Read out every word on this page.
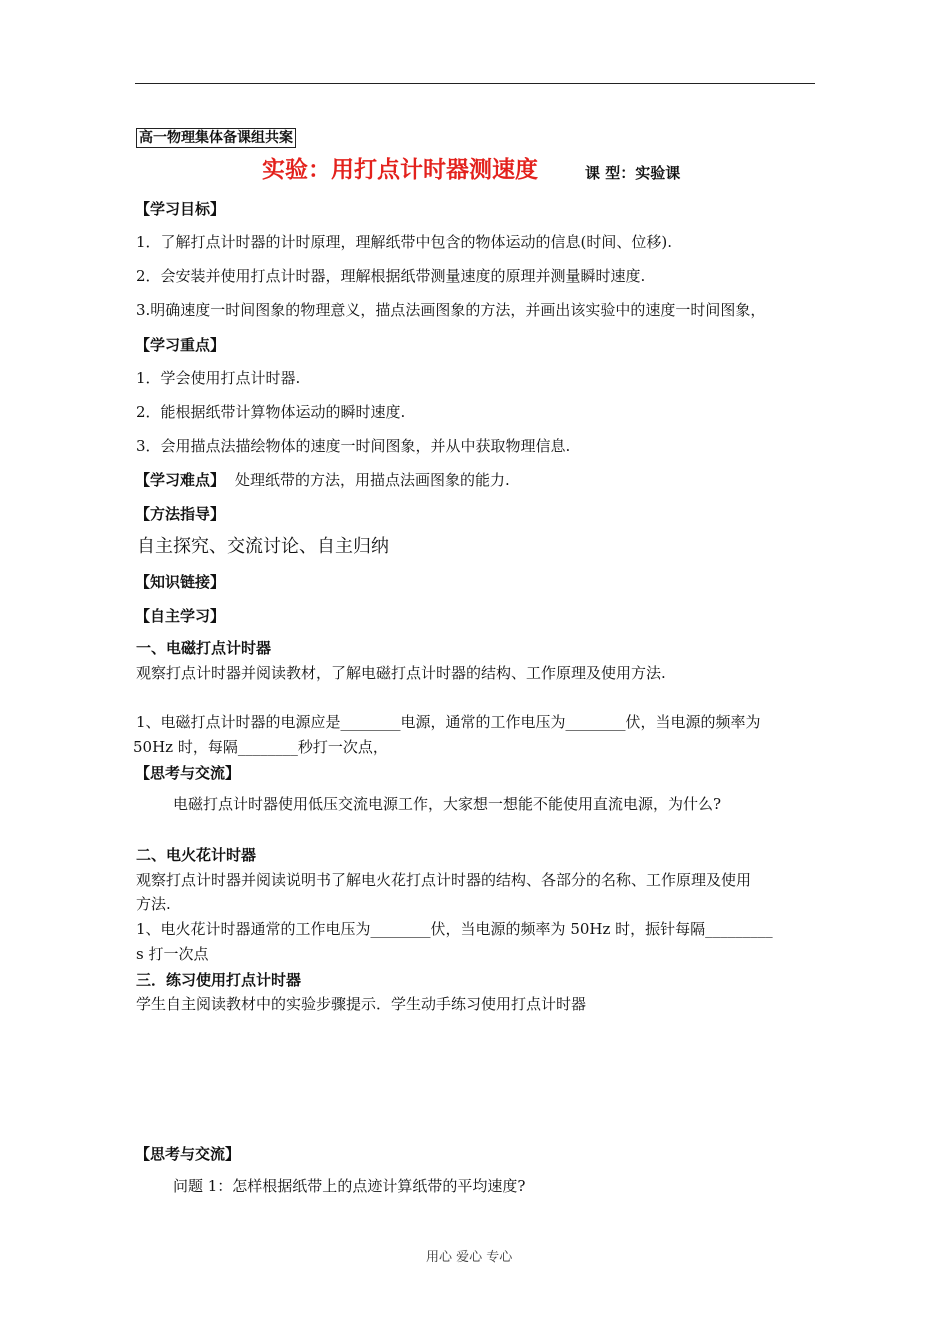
高一物理集体备课组共案
实验：用打点计时器测速度	课 型：实验课
【学习目标】
1．了解打点计时器的计时原理，理解纸带中包含的物体运动的信息(时间、位移).
2．会安装并使用打点计时器，理解根据纸带测量速度的原理并测量瞬时速度.
3.明确速度一时间图象的物理意义，描点法画图象的方法，并画出该实验中的速度一时间图象，
【学习重点】
1．学会使用打点计时器.
2．能根据纸带计算物体运动的瞬时速度.
3．会用描点法描绘物体的速度一时间图象，并从中获取物理信息.
【学习难点】 处理纸带的方法，用描点法画图象的能力.
【方法指导】
自主探究、交流讨论、自主归纳
【知识链接】
【自主学习】
一、电磁打点计时器
观察打点计时器并阅读教材，了解电磁打点计时器的结构、工作原理及使用方法.
1、电磁打点计时器的电源应是________电源，通常的工作电压为________伏，当电源的频率为
50Hz 时，每隔________秒打一次点，
【思考与交流】
电磁打点计时器使用低压交流电源工作，大家想一想能不能使用直流电源，为什么?
二、电火花计时器
观察打点计时器并阅读说明书了解电火花打点计时器的结构、各部分的名称、工作原理及使用
方法.
1、电火花计时器通常的工作电压为________伏，当电源的频率为 50Hz 时，振针每隔_________
s 打一次点
三．练习使用打点计时器
学生自主阅读教材中的实验步骤提示．学生动手练习使用打点计时器
【思考与交流】
问题 1：怎样根据纸带上的点迹计算纸带的平均速度?
用心 爱心 专心
